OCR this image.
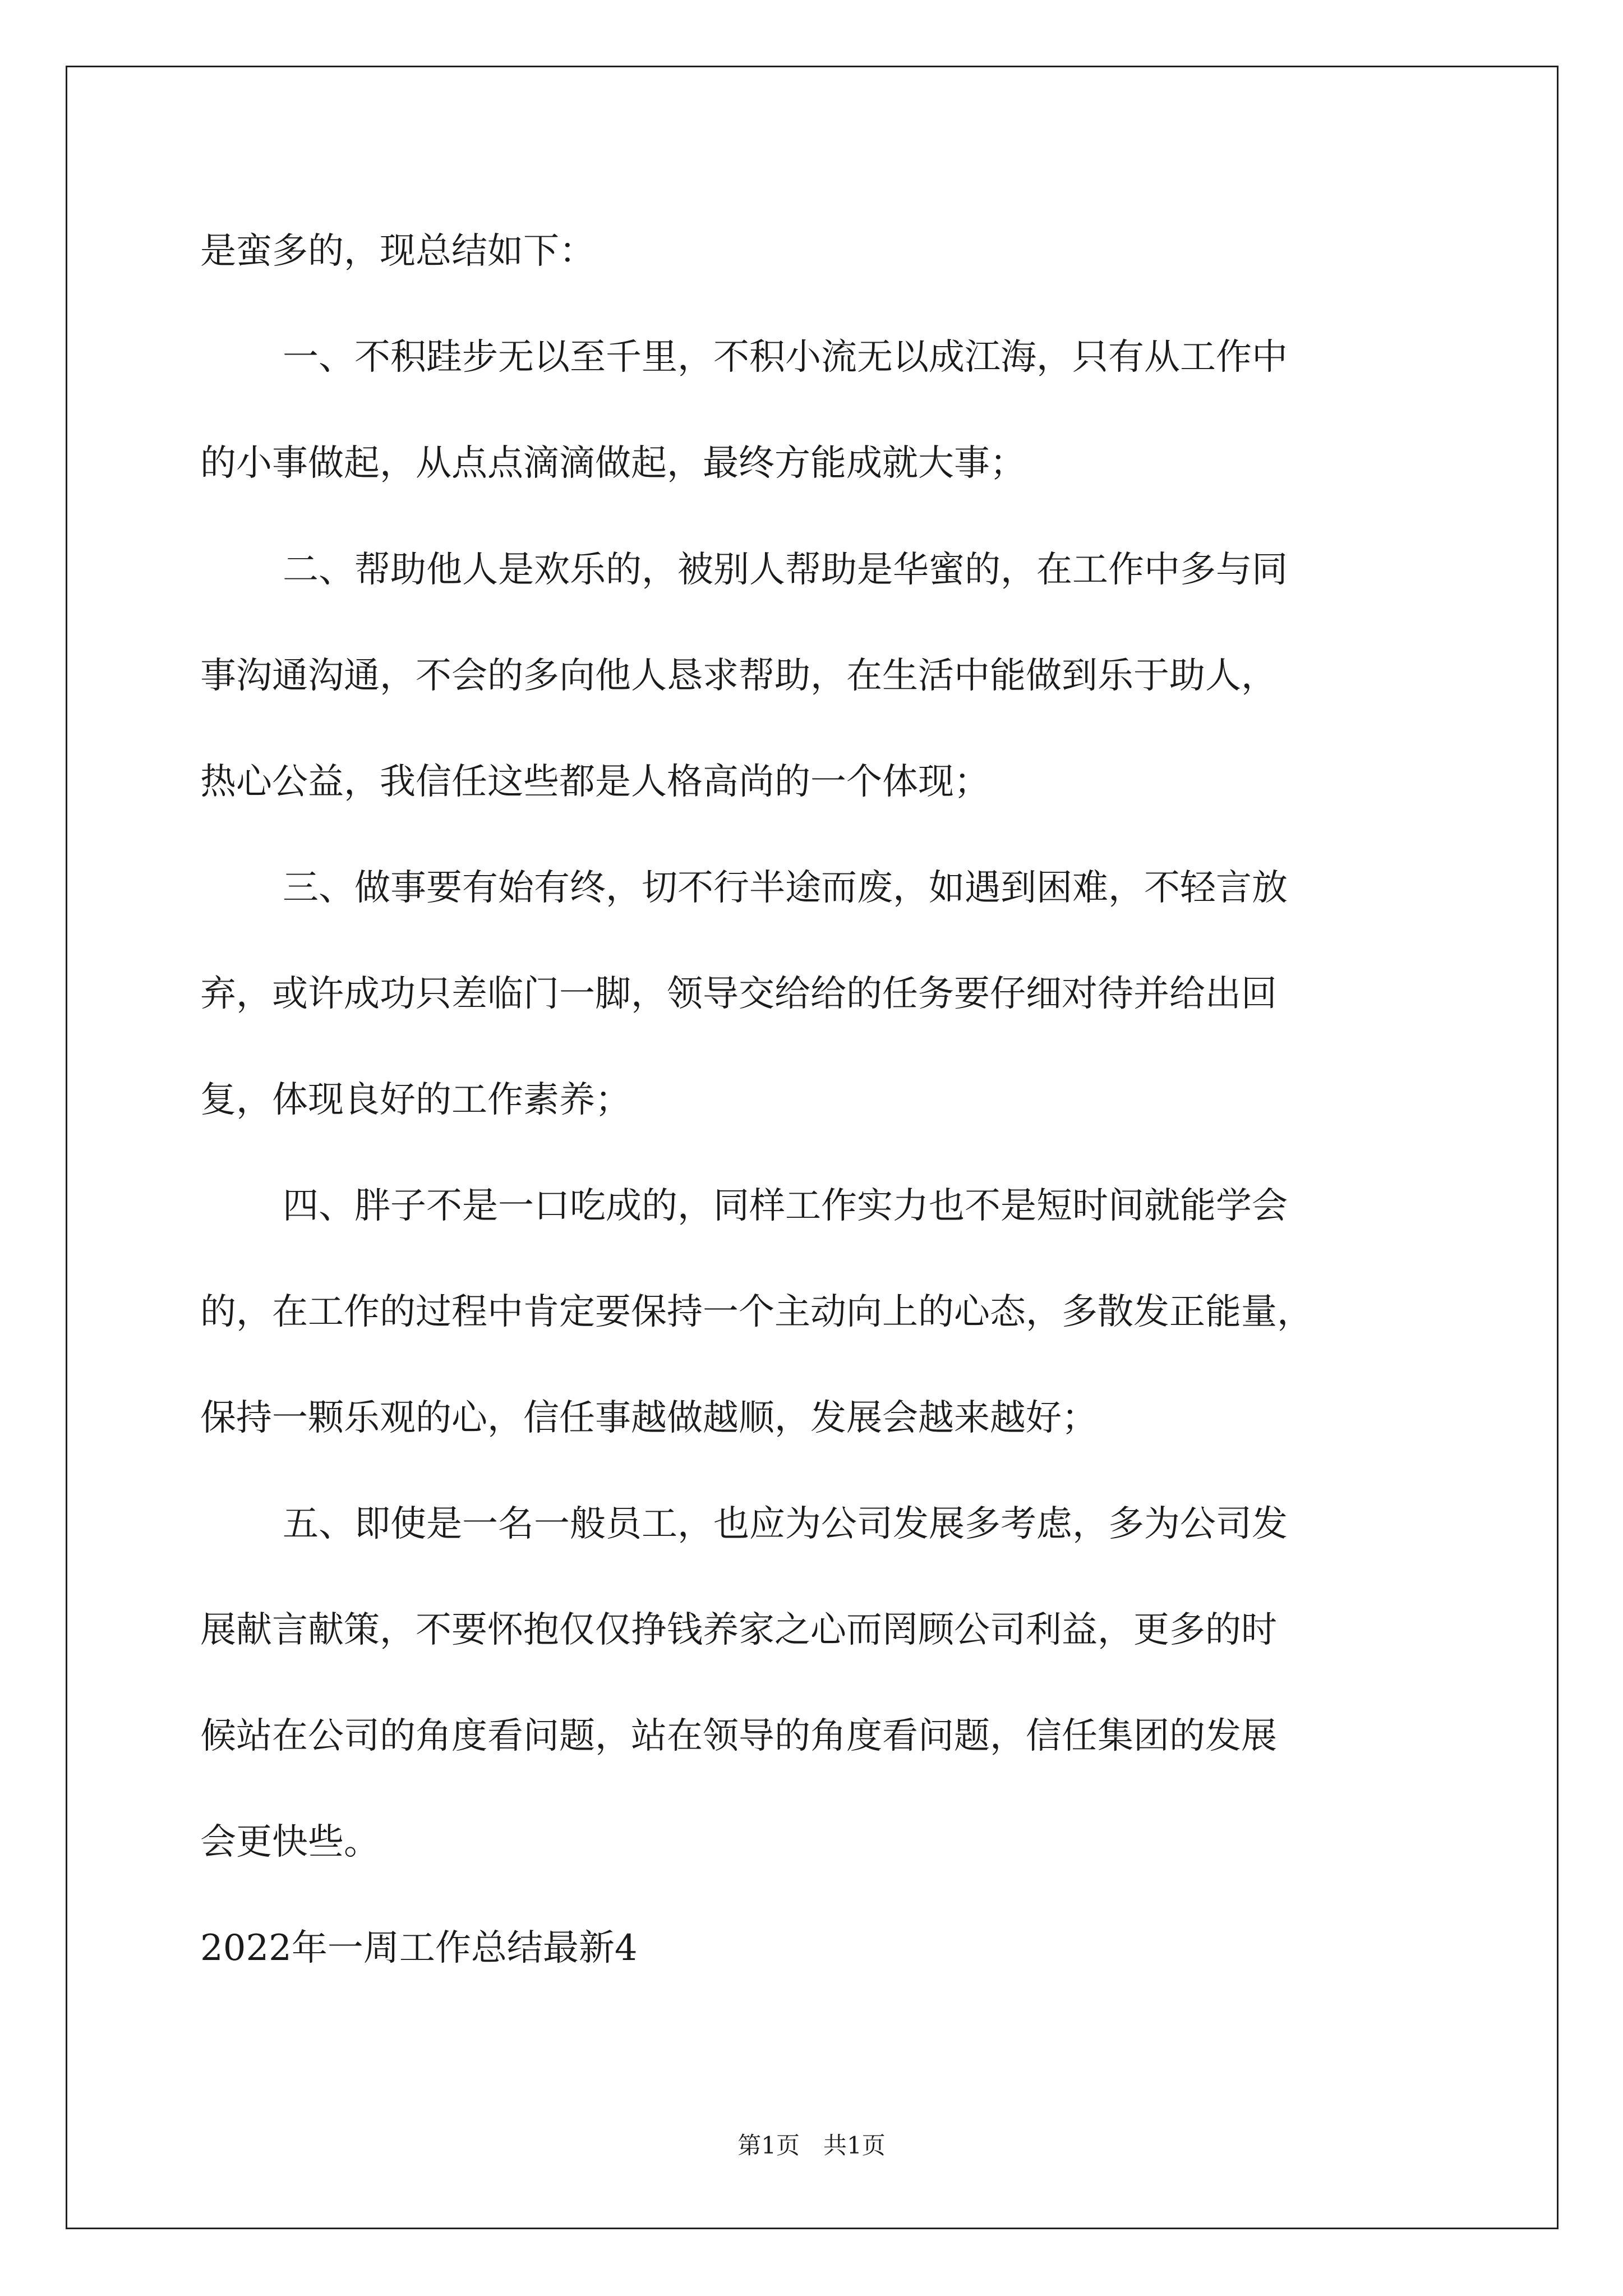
是蛮多的，现总结如下：
一、不积跬步无以至千里，不积小流无以成江海，只有从工作中
的小事做起，从点点滴滴做起，最终方能成就大事；
二、帮助他人是欢乐的，被别人帮助是华蜜的，在工作中多与同
事沟通沟通，不会的多向他人恳求帮助，在生活中能做到乐于助人，
热心公益，我信任这些都是人格高尚的一个体现；
三、做事要有始有终，切不行半途而废，如遇到困难，不轻言放
弃，或许成功只差临门一脚，领导交给给的任务要仔细对待并给出回
复，体现良好的工作素养；
四、胖子不是一口吃成的，同样工作实力也不是短时间就能学会
的，在工作的过程中肯定要保持一个主动向上的心态，多散发正能量，
保持一颗乐观的心，信任事越做越顺，发展会越来越好；
五、即使是一名一般员工，也应为公司发展多考虑，多为公司发
展献言献策，不要怀抱仅仅挣钱养家之心而罔顾公司利益，更多的时
候站在公司的角度看问题，站在领导的角度看问题，信任集团的发展
会更快些。
2022年一周工作总结最新4
第1页　共1页
